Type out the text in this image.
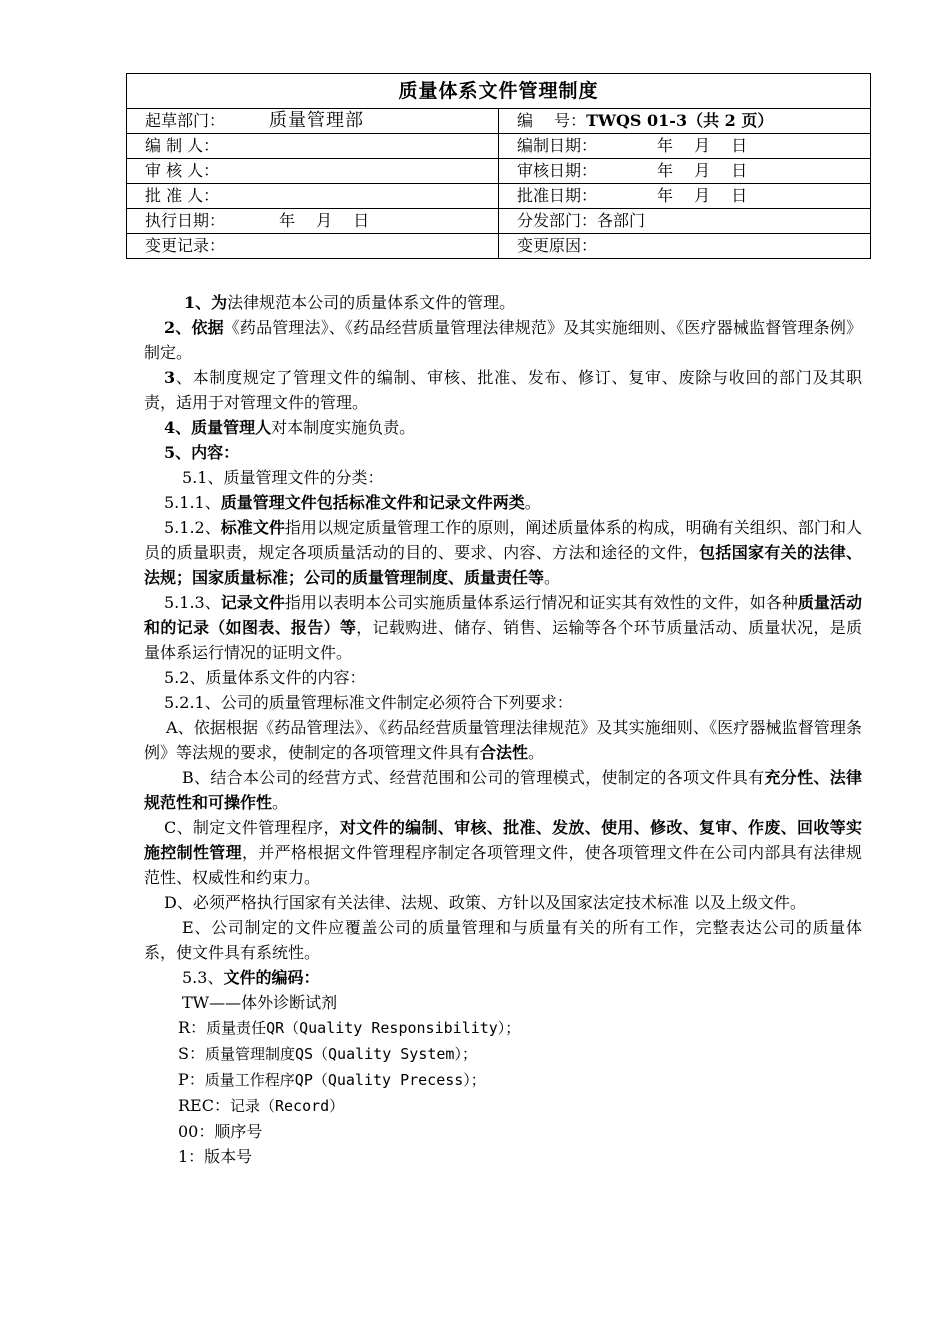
质量体系文件管理制度	
起草部门： 质量管理部	编　 号：TWQS 01-3（共 2 页）
编 制 人：	编制日期： 年　 月　 日
审 核 人：	审核日期： 年　 月　 日
批 准 人：	批准日期： 年　 月　 日
执行日期： 年　 月　 日	分发部门：各部门
变更记录：	变更原因：

1、为法律规范本公司的质量体系文件的管理。

2、依据《药品管理法》、《药品经营质量管理法律规范》及其实施细则、《医疗器械监督管理条例》制定。

3、本制度规定了管理文件的编制、审核、批准、发布、修订、复审、废除与收回的部门及其职责，适用于对管理文件的管理。

4、质量管理人对本制度实施负责。

5、内容：

5.1、质量管理文件的分类：

5.1.1、质量管理文件包括标准文件和记录文件两类。

5.1.2、标准文件指用以规定质量管理工作的原则，阐述质量体系的构成，明确有关组织、部门和人员的质量职责，规定各项质量活动的目的、要求、内容、方法和途径的文件，包括国家有关的法律、法规；国家质量标准；公司的质量管理制度、质量责任等。

5.1.3、记录文件指用以表明本公司实施质量体系运行情况和证实其有效性的文件，如各种质量活动和的记录（如图表、报告）等，记载购进、储存、销售、运输等各个环节质量活动、质量状况，是质量体系运行情况的证明文件。

5.2、质量体系文件的内容：

5.2.1、公司的质量管理标准文件制定必须符合下列要求：

A、依据根据《药品管理法》、《药品经营质量管理法律规范》及其实施细则、《医疗器械监督管理条例》等法规的要求，使制定的各项管理文件具有合法性。

B、结合本公司的经营方式、经营范围和公司的管理模式，使制定的各项文件具有充分性、法律规范性和可操作性。

C、制定文件管理程序，对文件的编制、审核、批准、发放、使用、修改、复审、作废、回收等实施控制性管理，并严格根据文件管理程序制定各项管理文件，使各项管理文件在公司内部具有法律规范性、权威性和约束力。

D、必须严格执行国家有关法律、法规、政策、方针以及国家法定技术标准 以及上级文件。

E、公司制定的文件应覆盖公司的质量管理和与质量有关的所有工作，完整表达公司的质量体系，使文件具有系统性。

5.3、文件的编码：

TW——体外诊断试剂

R：质量责任QR（Quality Responsibility）；

S：质量管理制度QS（Quality System）；

P：质量工作程序QP（Quality Precess）；

REC：记录（Record）

00：顺序号

1：版本号
